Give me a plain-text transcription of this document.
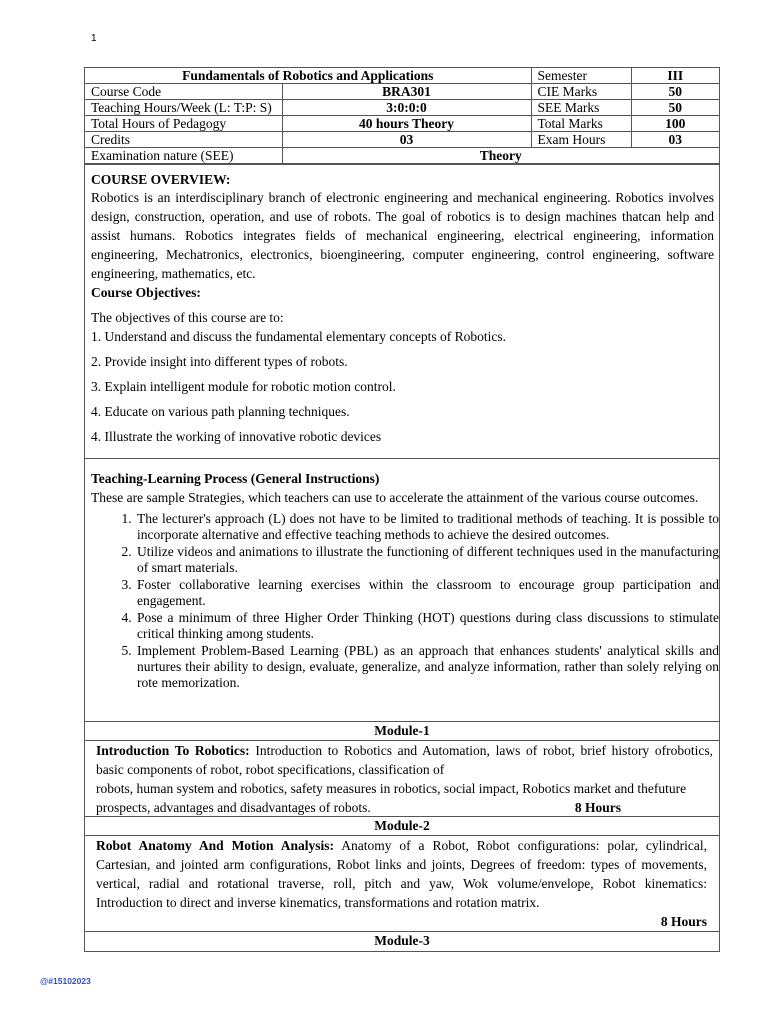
1
Fundamentals of Robotics and Applications		Semester	III
Course Code	BRA301	CIE Marks	50
Teaching Hours/Week (L: T:P: S)	3:0:0:0	SEE Marks	50
Total Hours of Pedagogy	40 hours Theory	Total Marks	100
Credits	03	Exam Hours	03
Examination nature (SEE)	Theory		

COURSE OVERVIEW:

Robotics is an interdisciplinary branch of electronic engineering and mechanical engineering. Robotics involves design, construction, operation, and use of robots. The goal of robotics is to design machines thatcan help and assist humans. Robotics integrates fields of mechanical engineering, electrical engineering, information engineering, Mechatronics, electronics, bioengineering, computer engineering, control engineering, software engineering, mathematics, etc.

Course Objectives:

The objectives of this course are to:

1. Understand and discuss the fundamental elementary concepts of Robotics.

2. Provide insight into different types of robots.

3. Explain intelligent module for robotic motion control.

4. Educate on various path planning techniques.

4. Illustrate the working of innovative robotic devices

Teaching-Learning Process (General Instructions)

These are sample Strategies, which teachers can use to accelerate the attainment of the various course outcomes.

1. The lecturer's approach (L) does not have to be limited to traditional methods of teaching. It is possible to incorporate alternative and effective teaching methods to achieve the desired outcomes.
2. Utilize videos and animations to illustrate the functioning of different techniques used in the manufacturing of smart materials.
3. Foster collaborative learning exercises within the classroom to encourage group participation and engagement.
4. Pose a minimum of three Higher Order Thinking (HOT) questions during class discussions to stimulate critical thinking among students.
5. Implement Problem-Based Learning (PBL) as an approach that enhances students' analytical skills and nurtures their ability to design, evaluate, generalize, and analyze information, rather than solely relying on rote memorization.
Module-1

Introduction To Robotics: Introduction to Robotics and Automation, laws of robot, brief history ofrobotics, basic components of robot, robot specifications, classification of

robots, human system and robotics, safety measures in robotics, social impact, Robotics market and thefuture prospects, advantages and disadvantages of robots.	8 Hours

Module-2

Robot Anatomy And Motion Analysis: Anatomy of a Robot, Robot configurations: polar, cylindrical, Cartesian, and jointed arm configurations, Robot links and joints, Degrees of freedom: types of movements, vertical, radial and rotational traverse, roll, pitch and yaw, Wok volume/envelope, Robot kinematics: Introduction to direct and inverse kinematics, transformations and rotation matrix.

8 Hours

Module-3
@#15102023
